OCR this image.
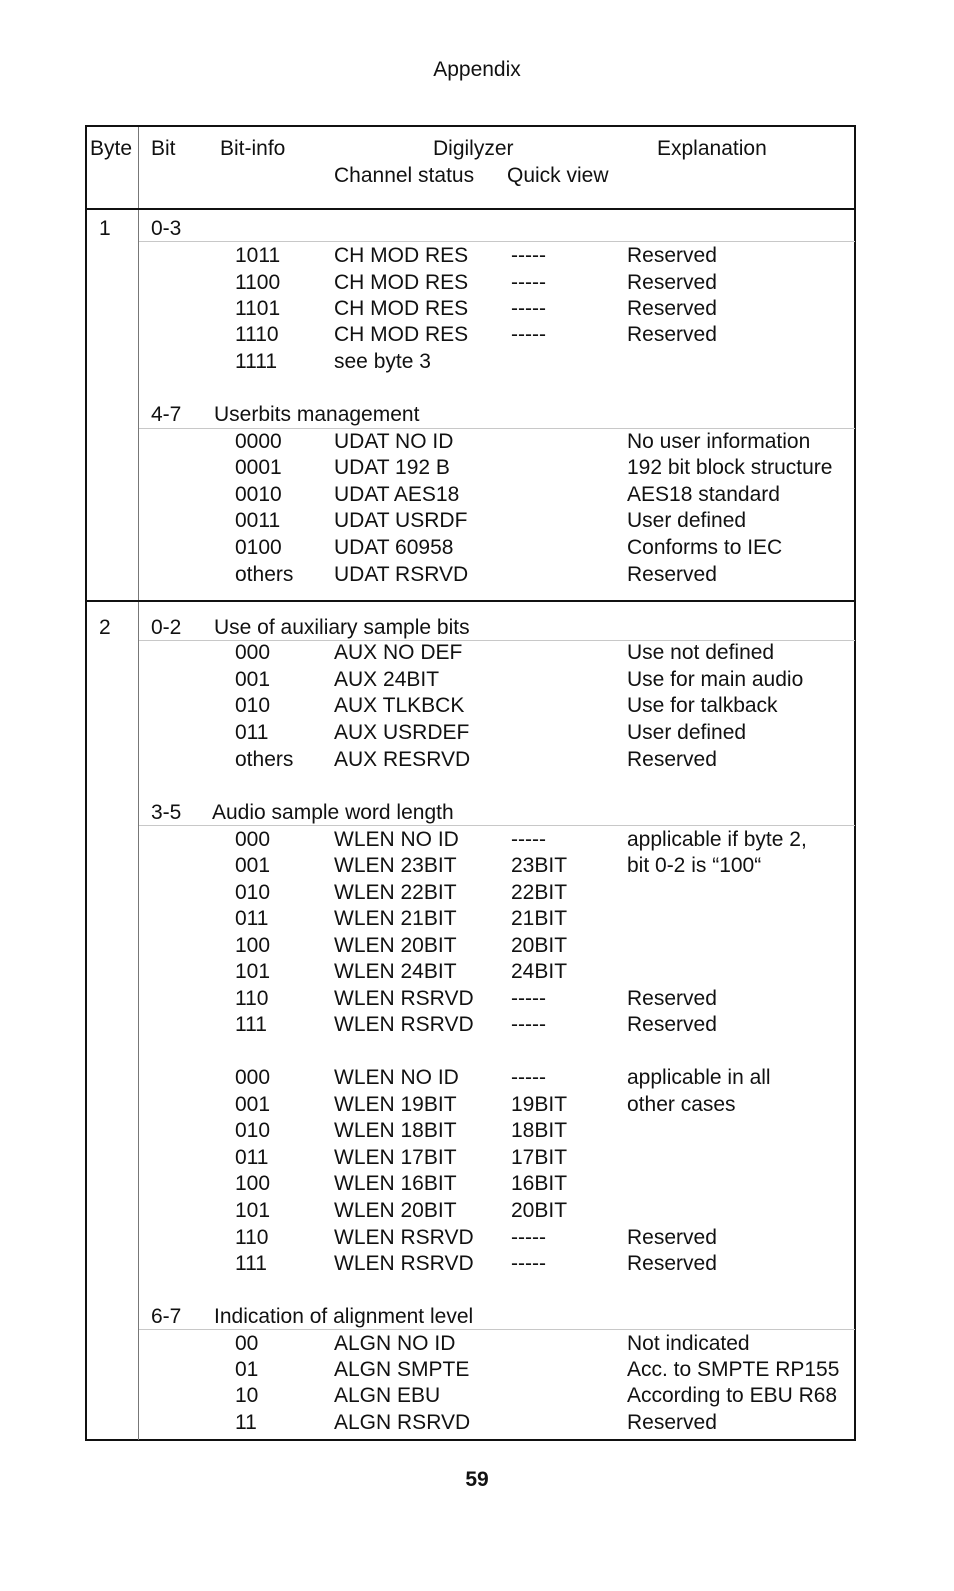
Appendix
Byte Bit Bit-info	Digilyzer	Explanation
Channel status Quick view
1 0-3
1011	CH MOD RES -----	Reserved
1100	CH MOD RES -----	Reserved
1101	CH MOD RES -----	Reserved
1110	CH MOD RES -----	Reserved
1111	see byte 3
4-7 Userbits management
0000 UDAT NO ID	No user information
0001 UDAT 192 B	192 bit block structure
0010 UDAT AES18	AES18 standard
0011	UDAT USRDF	User defined
0100 UDAT 60958	Conforms to IEC
others UDAT RSRVD	Reserved
2 0-2 Use of auxiliary sample bits
000	AUX NO DEF	Use not defined
001	AUX 24BIT	Use for main audio
010	AUX TLKBCK	Use for talkback
011	AUX USRDEF	User defined
others AUX RESRVD	Reserved
3-5 Audio sample word length
000	WLEN NO ID -----	applicable if byte 2,
001	WLEN 23BIT	23BIT	bit 0-2 is “100“
010	WLEN 22BIT	22BIT
011	WLEN 21BIT	21BIT
100	WLEN 20BIT	20BIT
101	WLEN 24BIT	24BIT
110	WLEN RSRVD -----	Reserved
111	WLEN RSRVD -----	Reserved
000	WLEN NO ID -----	applicable in all
001	WLEN 19BIT	19BIT	other cases
010	WLEN 18BIT	18BIT
011	WLEN 17BIT	17BIT
100	WLEN 16BIT	16BIT
101	WLEN 20BIT	20BIT
110	WLEN RSRVD -----	Reserved
111	WLEN RSRVD -----	Reserved
6-7 Indication of alignment level
00	ALGN NO ID	Not indicated
01	ALGN SMPTE	Acc. to SMPTE RP155
10	ALGN EBU	According to EBU R68
11	ALGN RSRVD	Reserved
59
